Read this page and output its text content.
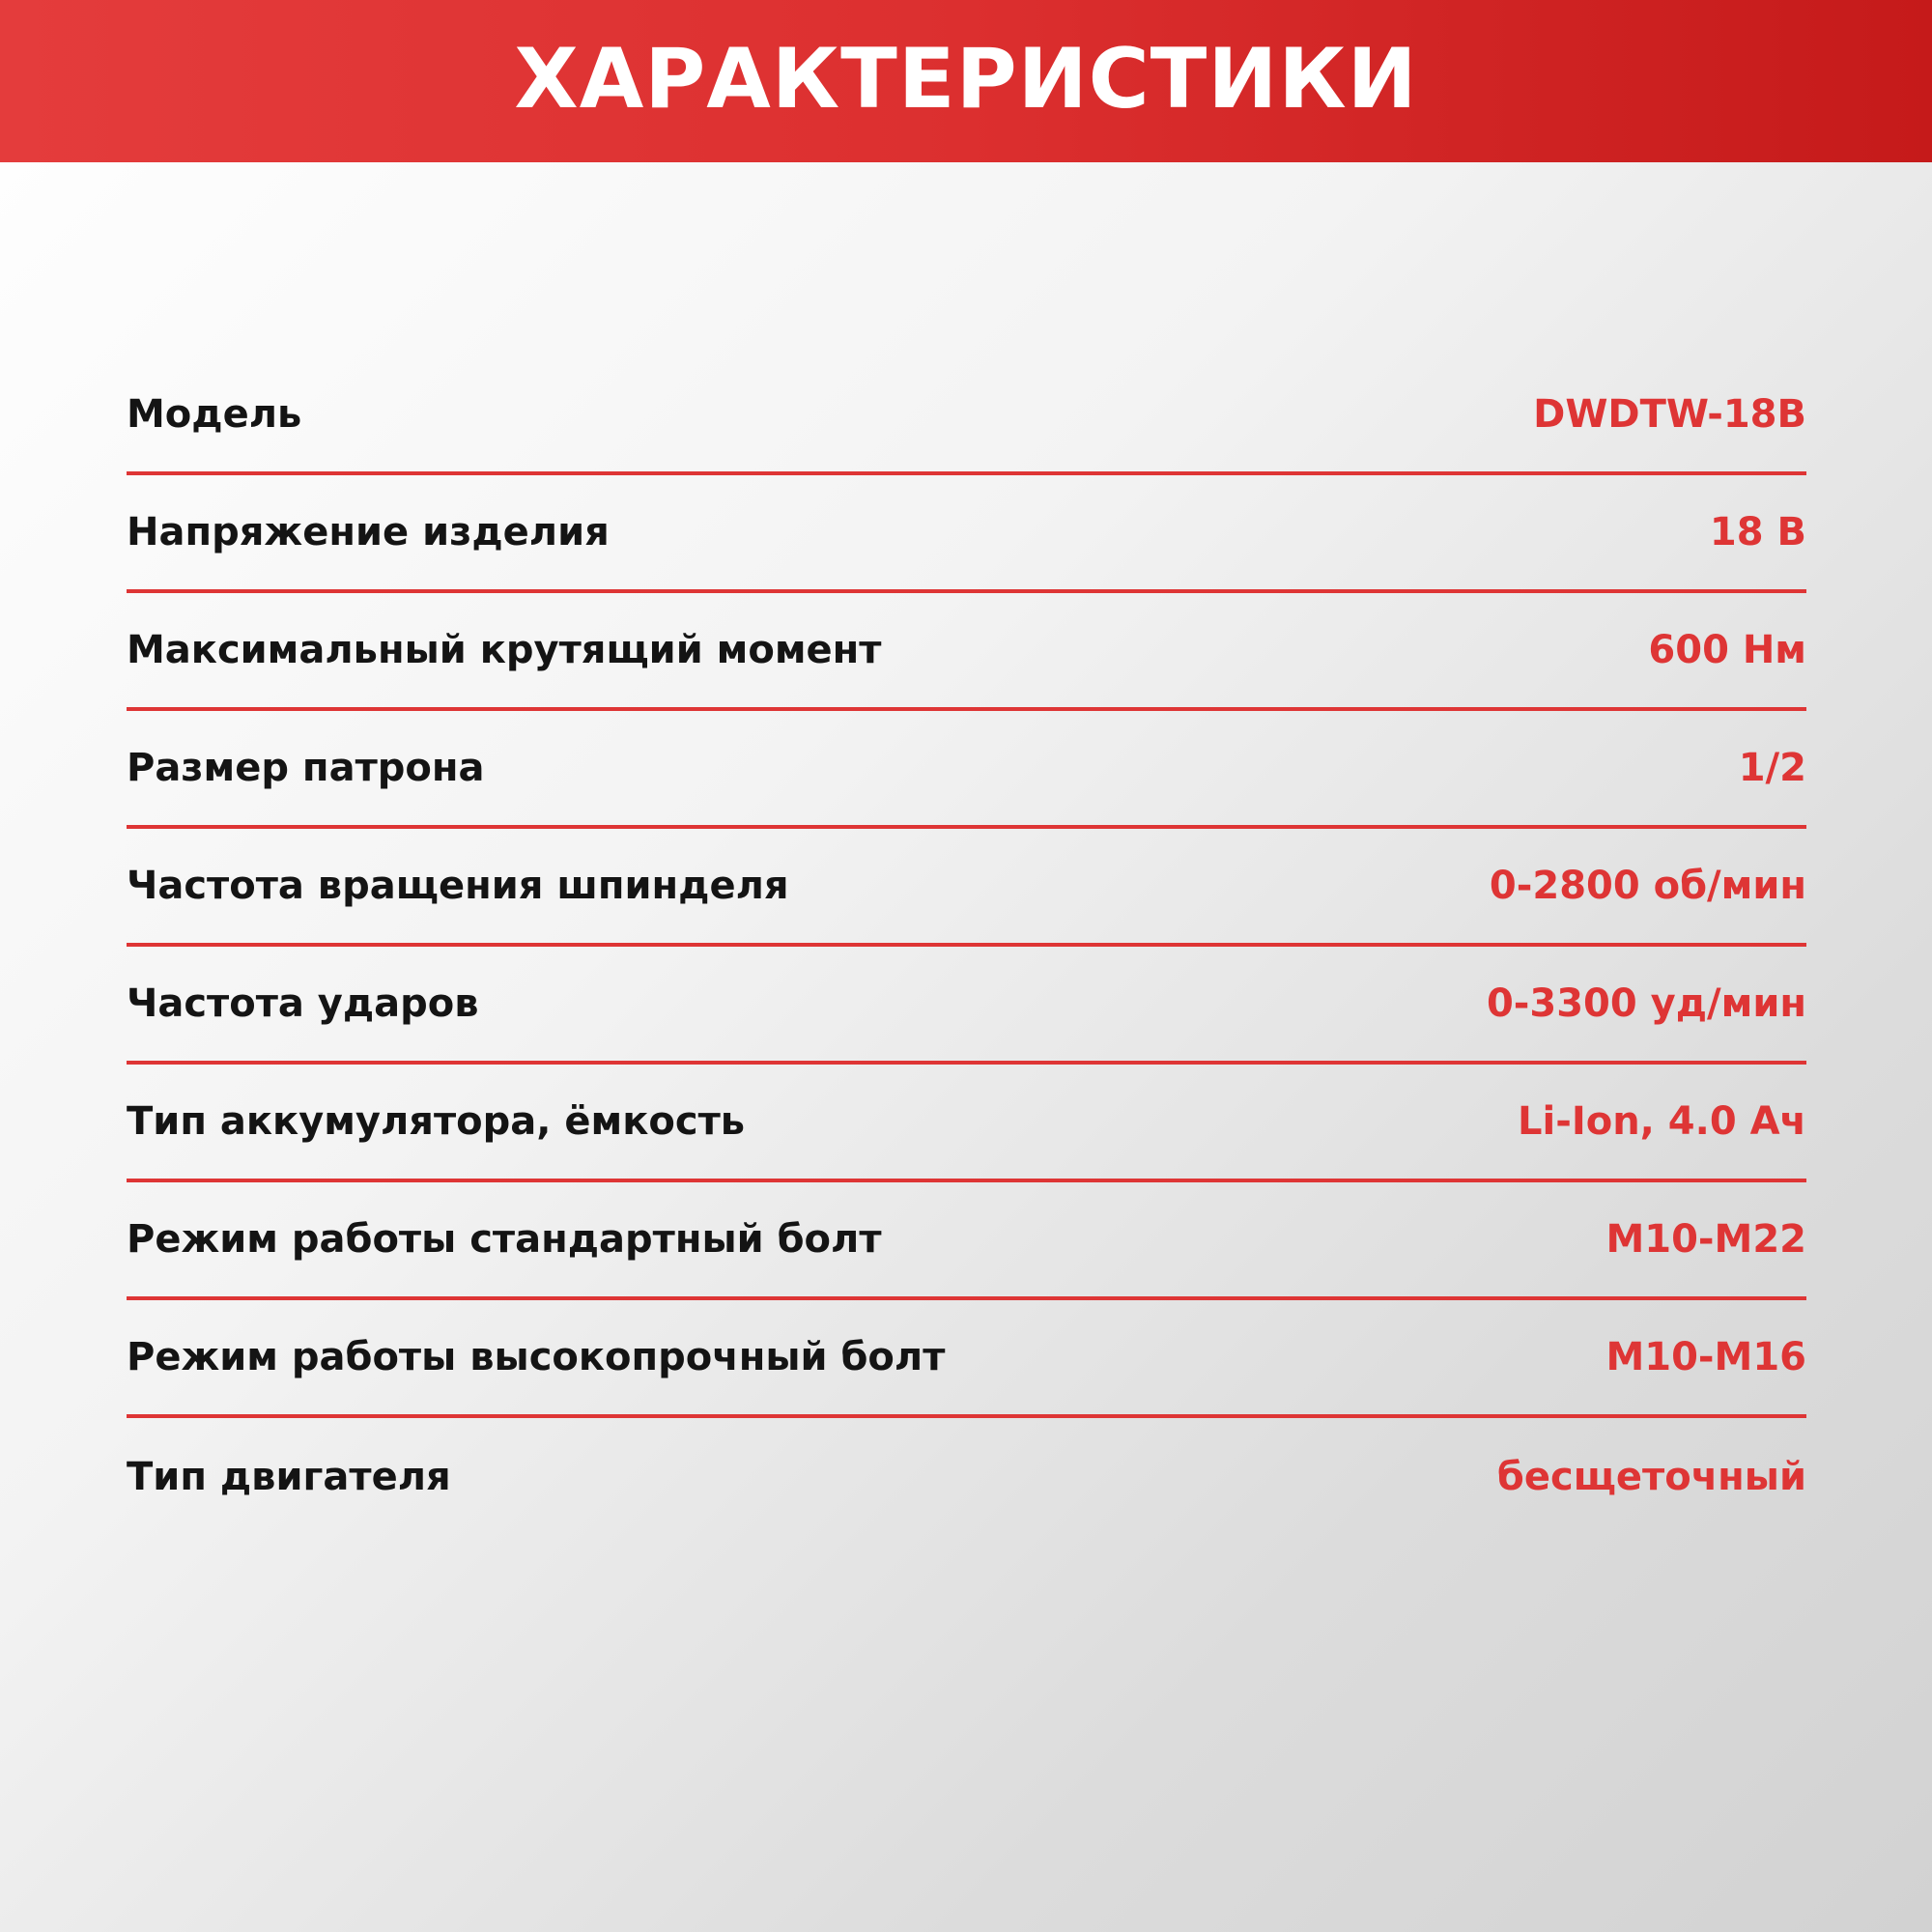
ХАРАКТЕРИСТИКИ
Модель	DWDTW-18B
Напряжение изделия	18 В
Максимальный крутящий момент	600 Нм
Размер патрона	1/2
Частота вращения шпинделя	0-2800 об/мин
Частота ударов	0-3300 уд/мин
Тип аккумулятора, ёмкость	Li-Ion, 4.0 Ач
Режим работы стандартный болт	М10-М22
Режим работы высокопрочный болт	М10-М16
Тип двигателя	бесщеточный
